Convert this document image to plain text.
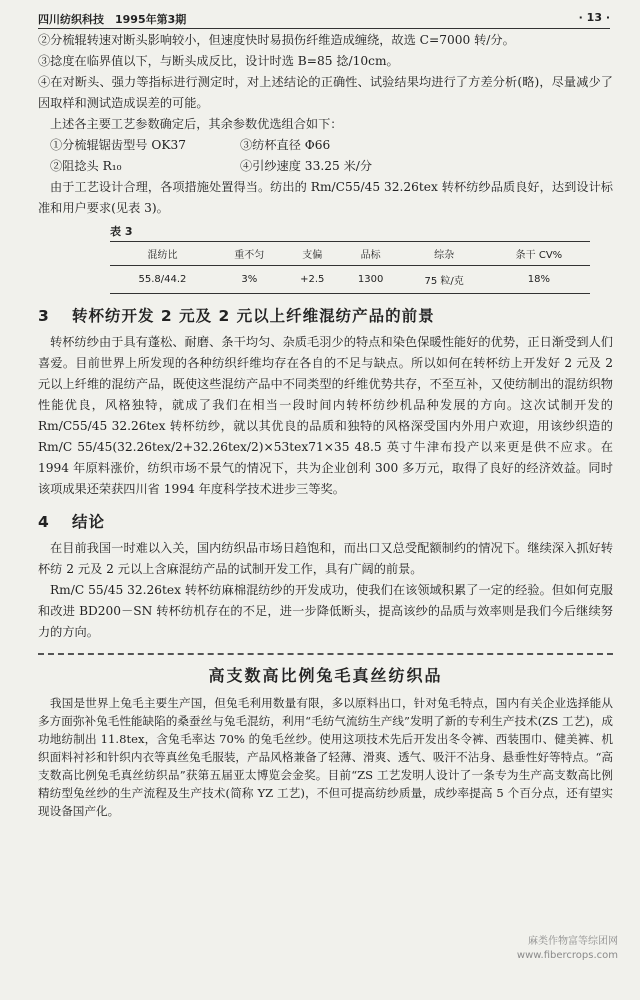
四川纺织科技　1995年第3期	· 13 ·

②分梳辊转速对断头影响较小，但速度快时易损伤纤维造成缠绕，故选 C=7000 转/分。

③捻度在临界值以下，与断头成反比，设计时选 B=85 捻/10cm。

④在对断头、强力等指标进行测定时，对上述结论的正确性、试验结果均进行了方差分析(略)，尽量减少了因取样和测试造成误差的可能。

上述各主要工艺参数确定后，其余参数优选组合如下：

①分梳辊锯齿型号 OK37	③纺杯直径 Φ66
②阻捻头 R₁₀	④引纱速度 33.25 米/分

由于工艺设计合理，各项措施处置得当。纺出的 Rm/C55/45 32.26tex 转杯纺纱品质良好，达到设计标准和用户要求(见表 3)。

表 3
混纺比	重不匀	支偏	品标	综杂	条干 CV%
55.8/44.2	3%	+2.5	1300	75 粒/克	18%
3 转杯纺开发 2 元及 2 元以上纤维混纺产品的前景

转杯纺纱由于具有蓬松、耐磨、条干均匀、杂质毛羽少的特点和染色保暖性能好的优势，正日渐受到人们喜爱。目前世界上所发现的各种纺织纤维均存在各自的不足与缺点。所以如何在转杯纺上开发好 2 元及 2 元以上纤维的混纺产品，既使这些混纺产品中不同类型的纤维优势共存，不至互补，又使纺制出的混纺织物性能优良，风格独特，就成了我们在相当一段时间内转杯纺纱机品种发展的方向。这次试制开发的 Rm/C55/45 32.26tex 转杯纺纱，就以其优良的品质和独特的风格深受国内外用户欢迎，用该纱织造的 Rm/C 55/45(32.26tex/2+32.26tex/2)×53tex71×35 48.5 英寸牛津布投产以来更是供不应求。在 1994 年原料涨价，纺织市场不景气的情况下，共为企业创利 300 多万元，取得了良好的经济效益。同时该项成果还荣获四川省 1994 年度科学技术进步三等奖。

4 结论

在目前我国一时难以入关，国内纺织品市场日趋饱和，而出口又总受配额制约的情况下。继续深入抓好转杯纺 2 元及 2 元以上含麻混纺产品的试制开发工作，具有广阔的前景。

Rm/C 55/45 32.26tex 转杯纺麻棉混纺纱的开发成功，使我们在该领域积累了一定的经验。但如何克服和改进 BD200－SN 转杯纺机存在的不足，进一步降低断头，提高该纱的品质与效率则是我们今后继续努力的方向。

高支数高比例兔毛真丝纺织品

我国是世界上兔毛主要生产国，但兔毛利用数量有限，多以原料出口，针对兔毛特点，国内有关企业选择能从多方面弥补兔毛性能缺陷的桑蚕丝与兔毛混纺，利用“毛纺气流纺生产线”发明了新的专利生产技术(ZS 工艺)，成功地纺制出 11.8tex，含兔毛率达 70% 的兔毛丝纱。使用这项技术先后开发出冬令裤、西装围巾、健美裤、机织面料衬衫和针织内衣等真丝兔毛服装，产品风格兼备了轻薄、滑爽、透气、吸汗不沾身、悬垂性好等特点。“高支数高比例兔毛真丝纺织品”获第五届亚太博览会金奖。目前“ZS 工艺发明人设计了一条专为生产高支数高比例精纺型兔丝纱的生产流程及生产技术(简称 YZ 工艺)，不但可提高纺纱质量，成纱率提高 5 个百分点，还有望实现设备国产化。

麻类作物富等综团网
www.fibercrops.com
